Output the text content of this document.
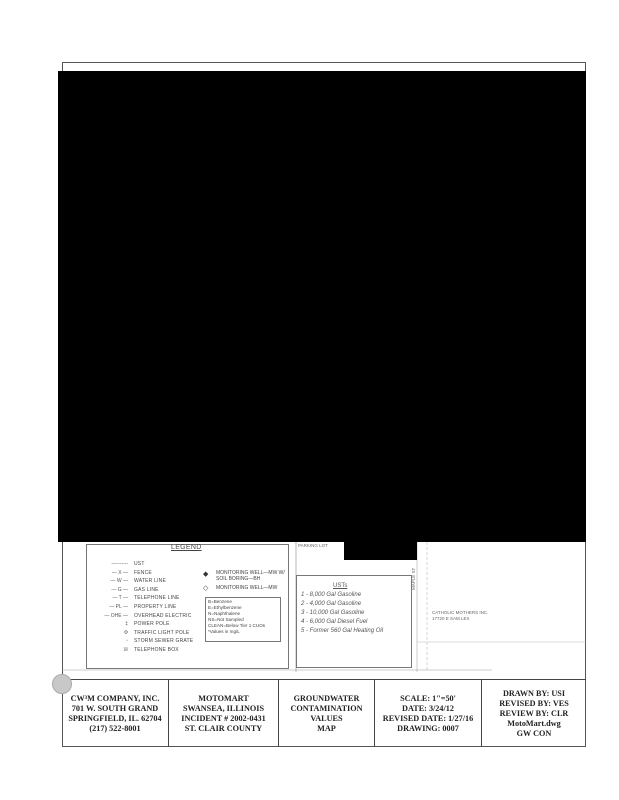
PARKING LOT
MAPLE ST
CATHOLIC MOTHERS INC. 17720 E SAM LEX
LEGEND
---------- UST
— X — FENCE
— W — WATER LINE
— G — GAS LINE
— T — TELEPHONE LINE
— PL — PROPERTY LINE
— OHE — OVERHEAD ELECTRIC
‡ POWER POLE
Φ TRAFFIC LIGHT POLE
▫ STORM SEWER GRATE
☒ TELEPHONE BOX
◆ MONITORING WELL—MW W/ SOIL BORING—BH
◇ MONITORING WELL—MW
B=Benzene
E=Ethylbenzene
N=Naphthalene
NS=Not Sampled
CLEAN=Below Tier 1 CUOs
*Values in mg/L
USTs
1 - 8,000 Gal Gasoline
2 - 4,000 Gal Gasoline
3 - 10,000 Gal Gasoline
4 - 6,000 Gal Diesel Fuel
5 - Former 560 Gal Heating Oil
CW³M COMPANY, INC.
701 W. SOUTH GRAND
SPRINGFIELD, IL. 62704
(217) 522-8001
MOTOMART
SWANSEA, ILLINOIS
INCIDENT # 2002-0431
ST. CLAIR COUNTY
GROUNDWATER
CONTAMINATION
VALUES
MAP
SCALE: 1"=50'
DATE: 3/24/12
REVISED DATE: 1/27/16
DRAWING: 0007
DRAWN BY: USI
REVISED BY: VES
REVIEW BY: CLR
MotoMart.dwg
GW CON
